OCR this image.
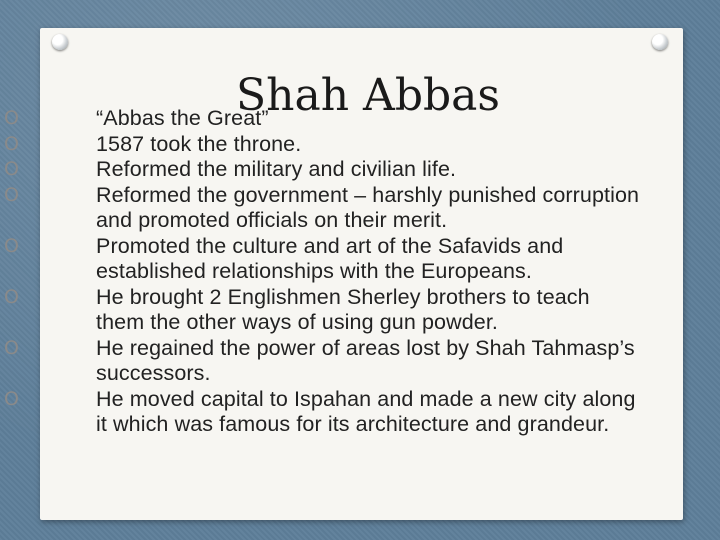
Shah Abbas
O	“Abbas the Great”
O	1587 took the throne.
O	Reformed the military and civilian life.
O	Reformed the government – harshly punished corruption and promoted officials on their merit.
O	Promoted the culture and art of the Safavids and established relationships with the Europeans.
O	He brought 2 Englishmen Sherley brothers to teach them the other ways of using gun powder.
O	He regained the power of areas lost by Shah Tahmasp’s successors.
O	He moved capital to Ispahan and made a new city along it which was famous for its architecture and grandeur.
